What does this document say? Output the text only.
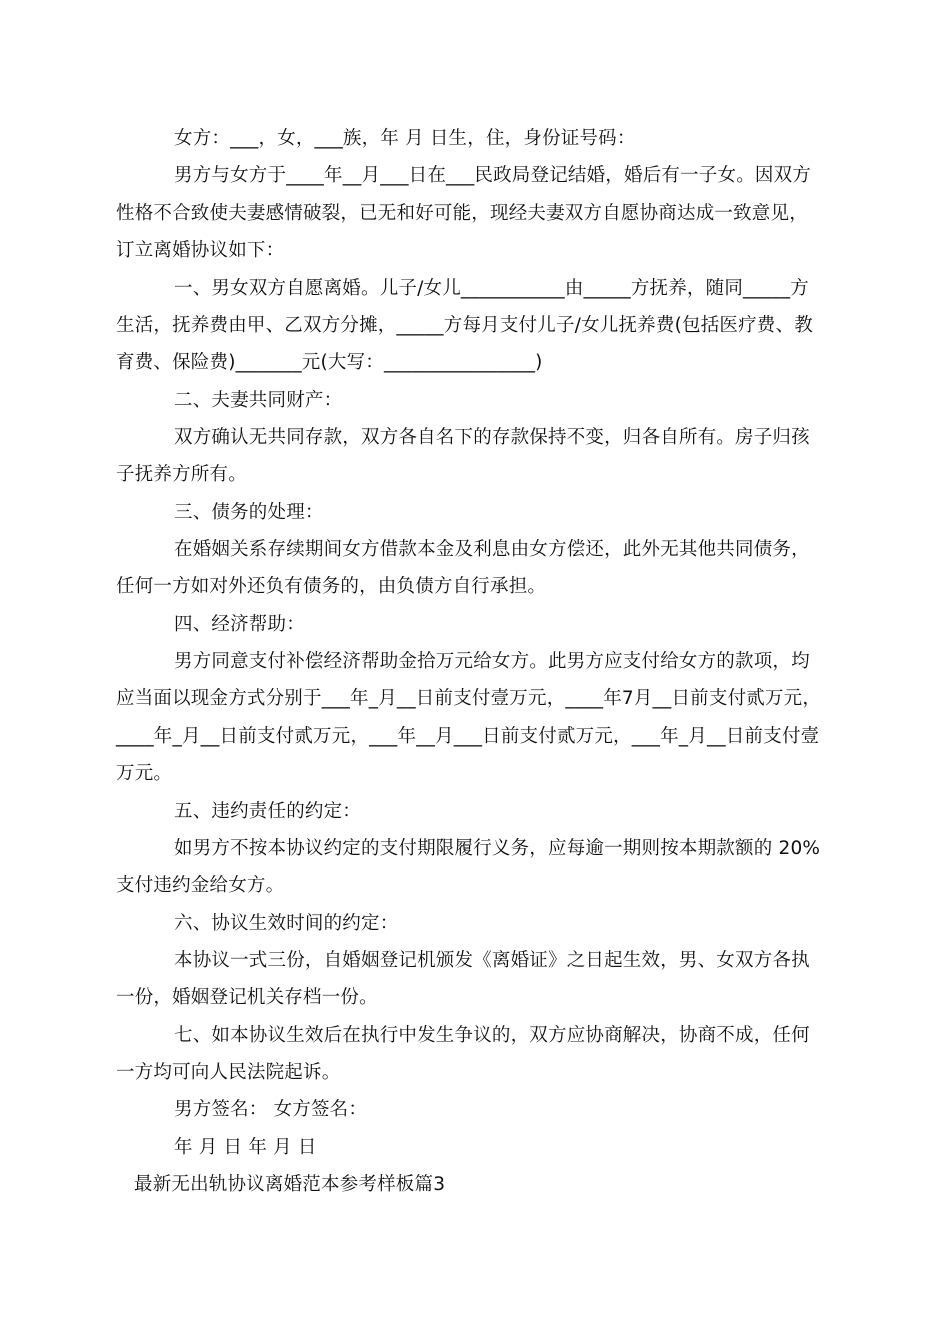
女方：___，女，___族，年 月 日生，住，身份证号码：
男方与女方于____年__月___日在___民政局登记结婚，婚后有一子女。因双方
性格不合致使夫妻感情破裂，已无和好可能，现经夫妻双方自愿协商达成一致意见，
订立离婚协议如下：
一、男女双方自愿离婚。儿子/女儿___________由_____方抚养，随同_____方
生活，抚养费由甲、乙双方分摊，_____方每月支付儿子/女儿抚养费(包括医疗费、教
育费、保险费)_______元(大写：________________)
二、夫妻共同财产：
双方确认无共同存款，双方各自名下的存款保持不变，归各自所有。房子归孩
子抚养方所有。
三、债务的处理：
在婚姻关系存续期间女方借款本金及利息由女方偿还，此外无其他共同债务，
任何一方如对外还负有债务的，由负债方自行承担。
四、经济帮助：
男方同意支付补偿经济帮助金拾万元给女方。此男方应支付给女方的款项，均
应当面以现金方式分别于___年_月__日前支付壹万元，____年7月__日前支付贰万元，
____年_月__日前支付贰万元，___年__月___日前支付贰万元，___年_月__日前支付壹
万元。
五、违约责任的约定：
如男方不按本协议约定的支付期限履行义务，应每逾一期则按本期款额的 20%
支付违约金给女方。
六、协议生效时间的约定：
本协议一式三份，自婚姻登记机颁发《离婚证》之日起生效，男、女双方各执
一份，婚姻登记机关存档一份。
七、如本协议生效后在执行中发生争议的，双方应协商解决，协商不成，任何
一方均可向人民法院起诉。
男方签名： 女方签名：
年 月 日 年 月 日
最新无出轨协议离婚范本参考样板篇3
